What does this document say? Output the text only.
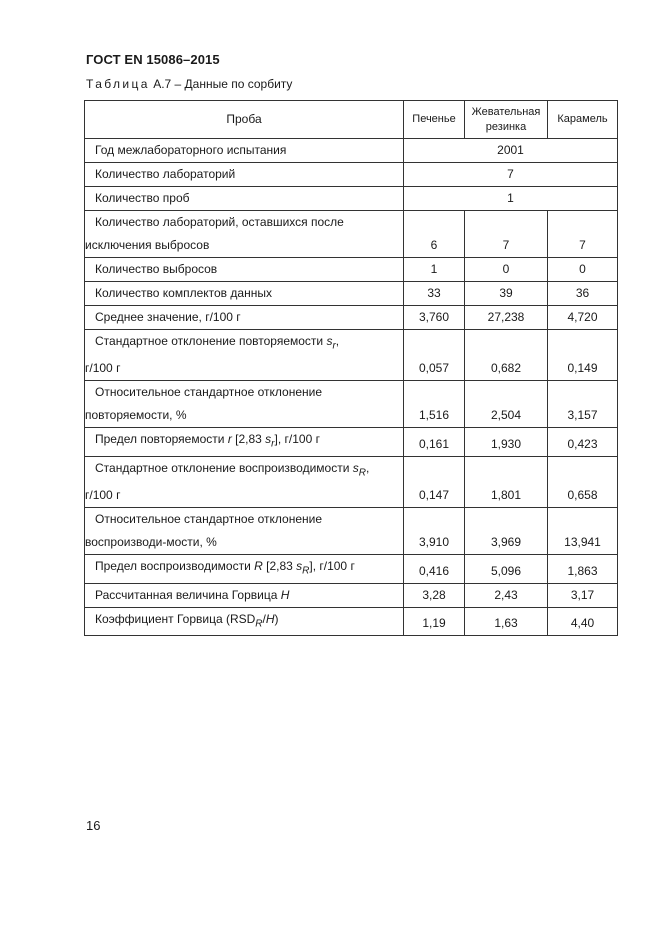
ГОСТ EN 15086–2015
Таблица А.7 – Данные по сорбиту
Проба	Печенье	Жевательная резинка	Карамель
Год межлабораторного испытания	2001		
Количество лабораторий	7		
Количество проб	1		

Количество лабораторий, оставшихся после
исключения выбросов	6	7	7
Количество выбросов	1	0	0
Количество комплектов данных	33	39	36
Среднее значение, г/100 г	3,760	27,238	4,720

Стандартное отклонение повторяемости $s_r$,
г/100 г	0,057	0,682	0,149

Относительное стандартное отклонение
повторяемости, %	1,516	2,504	3,157
Предел повторяемости r [2,83 $s_r$], г/100 г	0,161	1,930	0,423

Стандартное отклонение воспроизводимости $s_R$,
г/100 г	0,147	1,801	0,658

Относительное стандартное отклонение
воспроизводи-мости, %	3,910	3,969	13,941
Предел воспроизводимости R [2,83 $s_R$], г/100 г	0,416	5,096	1,863
Рассчитанная величина Горвица H	3,28	2,43	3,17
Коэффициент Горвица $(RSD_R/H)$	1,19	1,63	4,40
16
